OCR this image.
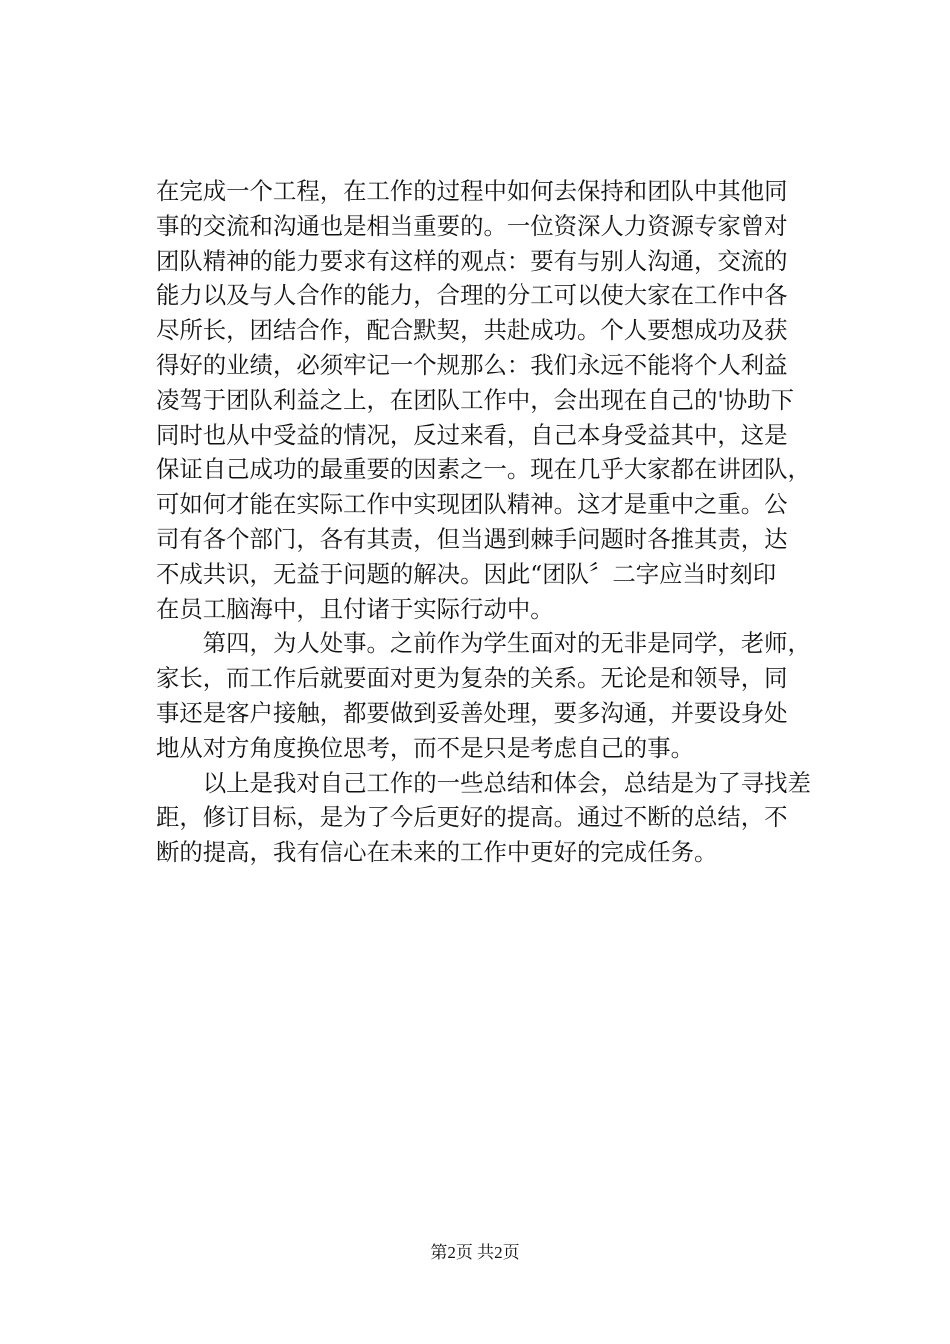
在完成一个工程，在工作的过程中如何去保持和团队中其他同
事的交流和沟通也是相当重要的。一位资深人力资源专家曾对
团队精神的能力要求有这样的观点：要有与别人沟通，交流的
能力以及与人合作的能力，合理的分工可以使大家在工作中各
尽所长，团结合作，配合默契，共赴成功。个人要想成功及获
得好的业绩，必须牢记一个规那么：我们永远不能将个人利益
凌驾于团队利益之上，在团队工作中，会出现在自己的'协助下
同时也从中受益的情况，反过来看，自己本身受益其中，这是
保证自己成功的最重要的因素之一。现在几乎大家都在讲团队，
可如何才能在实际工作中实现团队精神。这才是重中之重。公
司有各个部门，各有其责，但当遇到棘手问题时各推其责，达
不成共识，无益于问题的解决。因此“团队〞二字应当时刻印
在员工脑海中，且付诸于实际行动中。
　　第四，为人处事。之前作为学生面对的无非是同学，老师，
家长，而工作后就要面对更为复杂的关系。无论是和领导，同
事还是客户接触，都要做到妥善处理，要多沟通，并要设身处
地从对方角度换位思考，而不是只是考虑自己的事。
　　以上是我对自己工作的一些总结和体会，总结是为了寻找差
距，修订目标，是为了今后更好的提高。通过不断的总结，不
断的提高，我有信心在未来的工作中更好的完成任务。
第2页 共2页
